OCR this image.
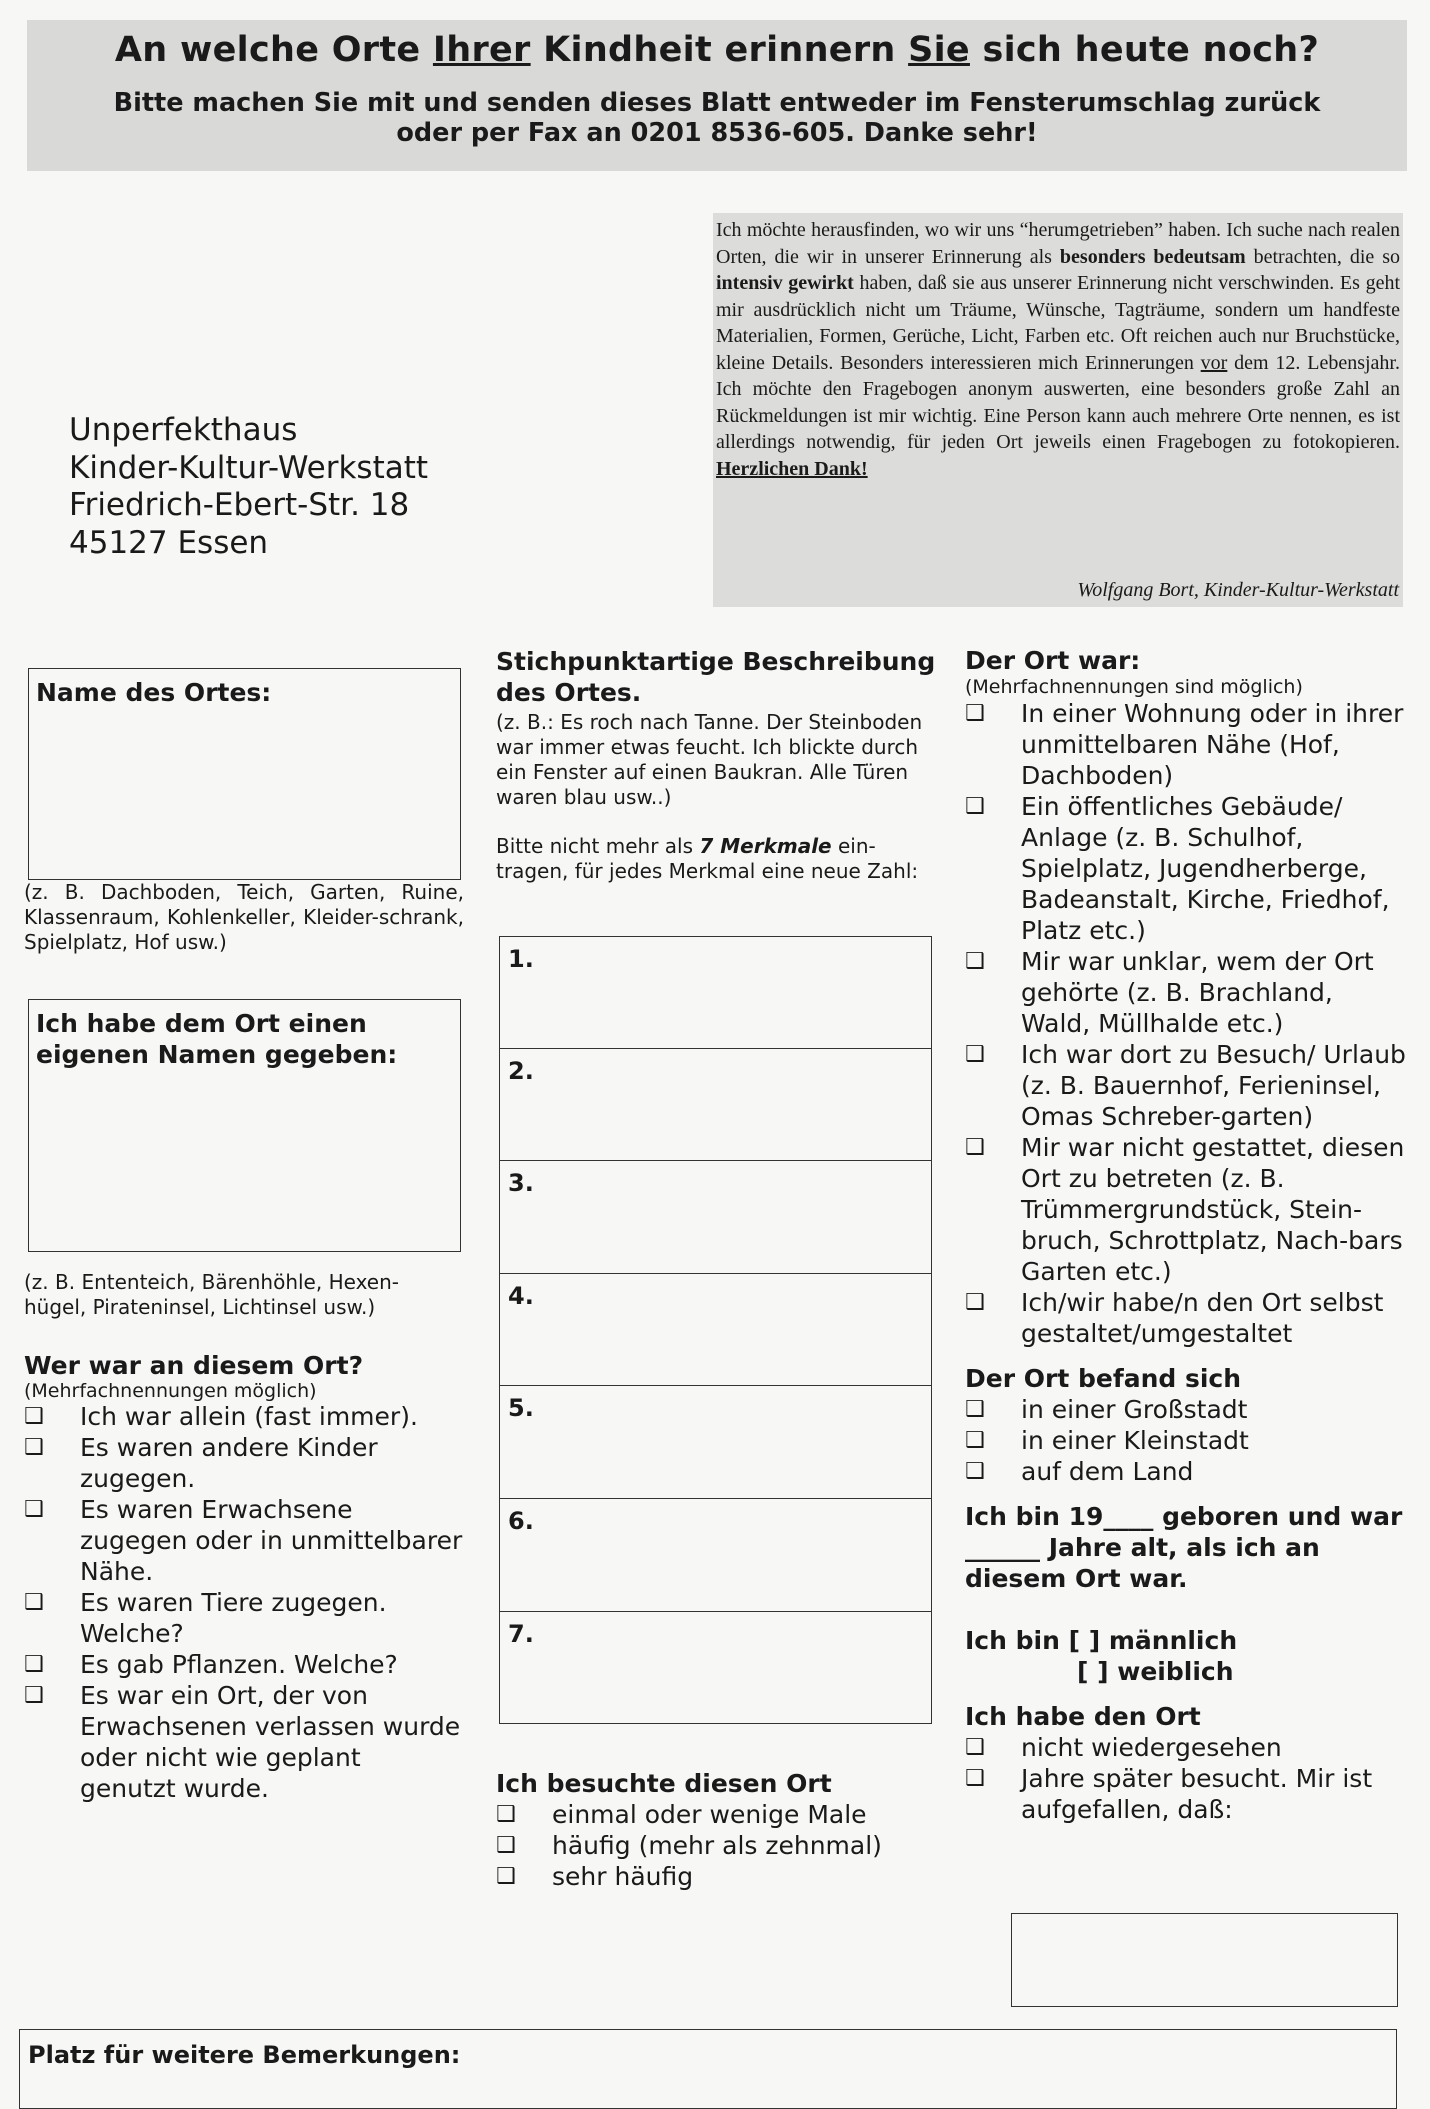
An welche Orte Ihrer Kindheit erinnern Sie sich heute noch?

Bitte machen Sie mit und senden dieses Blatt entweder im Fensterumschlag zurück
oder per Fax an 0201 8536-605. Danke sehr!

Unperfekthaus
Kinder-Kultur-Werkstatt
Friedrich-Ebert-Str. 18
45127 Essen
Ich möchte herausfinden, wo wir uns “herumgetrieben” haben. Ich suche nach realen Orten, die wir in unserer Erinnerung als besonders bedeutsam betrachten, die so intensiv gewirkt haben, daß sie aus unserer Erinnerung nicht verschwinden. Es geht mir ausdrücklich nicht um Träume, Wünsche, Tagträume, sondern um handfeste Materialien, Formen, Gerüche, Licht, Farben etc. Oft reichen auch nur Bruchstücke, kleine Details. Besonders interessieren mich Erinnerungen vor dem 12. Lebensjahr. Ich möchte den Fragebogen anonym auswerten, eine besonders große Zahl an Rückmeldungen ist mir wichtig. Eine Person kann auch mehrere Orte nennen, es ist allerdings notwendig, für jeden Ort jeweils einen Fragebogen zu fotokopieren. Herzlichen Dank!
Wolfgang Bort, Kinder-Kultur-Werkstatt
Name des Ortes:
(z. B. Dachboden, Teich, Garten, Ruine, Klassenraum, Kohlenkeller, Kleider-schrank, Spielplatz, Hof usw.)
Ich habe dem Ort einen eigenen Namen gegeben:
(z. B. Ententeich, Bärenhöhle, Hexen-hügel, Pirateninsel, Lichtinsel usw.)
Wer war an diesem Ort?
(Mehrfachnennungen möglich)
❑	Ich war allein (fast immer).
❑	Es waren andere Kinder zugegen.
❑	Es waren Erwachsene zugegen oder in unmittelbarer Nähe.
❑	Es waren Tiere zugegen. Welche?
❑	Es gab Pflanzen. Welche?
❑	Es war ein Ort, der von Erwachsenen verlassen wurde oder nicht wie geplant genutzt wurde.
Stichpunktartige Beschreibung des Ortes.
(z. B.: Es roch nach Tanne. Der Steinboden war immer etwas feucht. Ich blickte durch ein Fenster auf einen Baukran. Alle Türen waren blau usw..)
Bitte nicht mehr als 7 Merkmale ein-tragen, für jedes Merkmal eine neue Zahl:
1.
2.
3.
4.
5.
6.
7.
Ich besuchte diesen Ort
❑	einmal oder wenige Male
❑	häufig (mehr als zehnmal)
❑	sehr häufig
Der Ort war:
(Mehrfachnennungen sind möglich)
❑	In einer Wohnung oder in ihrer unmittelbaren Nähe (Hof, Dachboden)
❑	Ein öffentliches Gebäude/ Anlage (z. B. Schulhof, Spielplatz, Jugendherberge, Badeanstalt, Kirche, Friedhof, Platz etc.)
❑	Mir war unklar, wem der Ort gehörte (z. B. Brachland, Wald, Müllhalde etc.)
❑	Ich war dort zu Besuch/ Urlaub (z. B. Bauernhof, Ferieninsel, Omas Schreber-garten)
❑	Mir war nicht gestattet, diesen Ort zu betreten (z. B. Trümmergrundstück, Stein-bruch, Schrottplatz, Nach-bars Garten etc.)
❑	Ich/wir habe/n den Ort selbst gestaltet/umgestaltet
Der Ort befand sich
❑	in einer Großstadt
❑	in einer Kleinstadt
❑	auf dem Land
Ich bin 19____ geboren und war ______ Jahre alt, als ich an diesem Ort war.
Ich bin [ ] männlich
[ ] weiblich
Ich habe den Ort
❑	nicht wiedergesehen
❑	Jahre später besucht. Mir ist aufgefallen, daß:
Platz für weitere Bemerkungen:
